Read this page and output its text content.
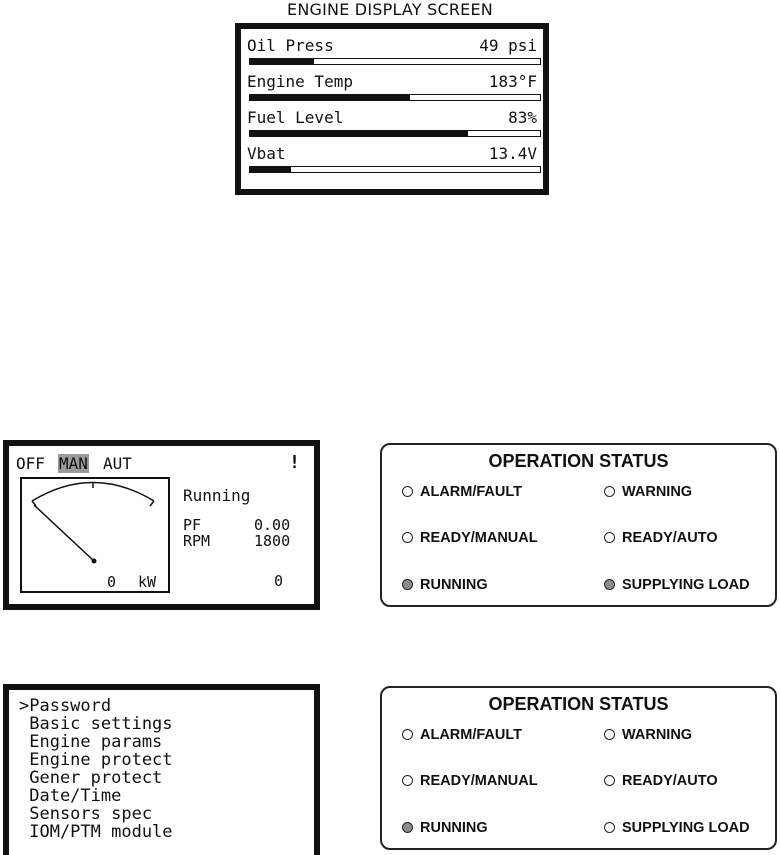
ENGINE DISPLAY SCREEN
Oil Press	49 psi
Engine Temp	183°F
Fuel Level	83%
Vbat	13.4V
OFF MAN AUT	!
0 kW
Running
PF	0.00
RPM	1800
0
>Password
Basic settings
Engine params
Engine protect
Gener protect
Date/Time
Sensors spec
IOM/PTM module
OPERATION STATUS
ALARM/FAULT	WARNING
READY/MANUAL	READY/AUTO
RUNNING	SUPPLYING LOAD
OPERATION STATUS
ALARM/FAULT	WARNING
READY/MANUAL	READY/AUTO
RUNNING	SUPPLYING LOAD
